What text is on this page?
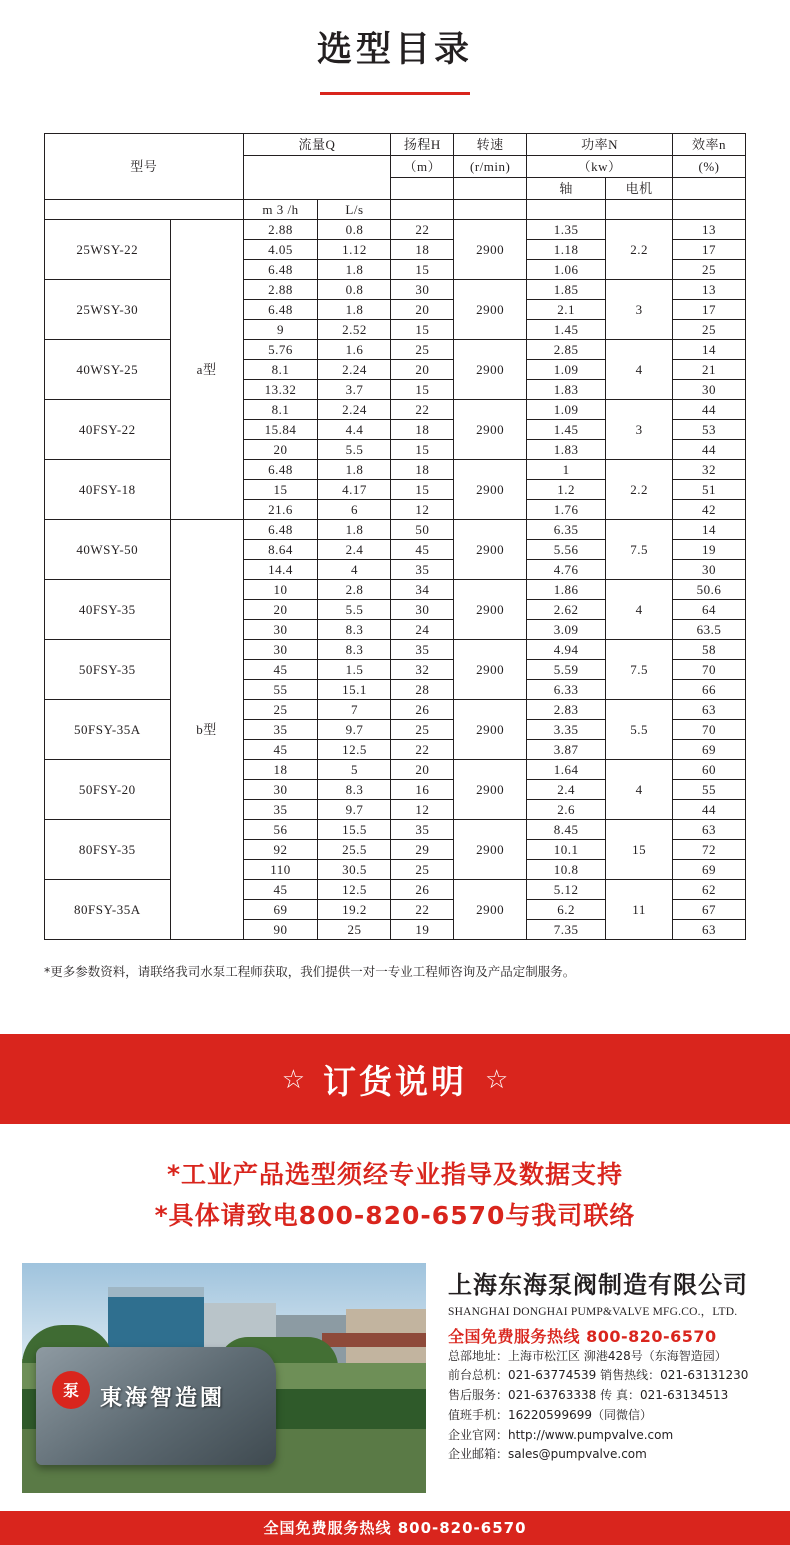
选型目录
型号		流量Q		扬程H	转速	功率N		效率n
				（m）	(r/min)	（kw）		(%)
						轴	电机	
		m 3 /h	L/s					
25WSY-22	a型	2.88	0.8	22	2900	1.35	2.2	13
		4.05	1.12	18		1.18		17
		6.48	1.8	15		1.06		25
25WSY-30		2.88	0.8	30	2900	1.85	3	13
		6.48	1.8	20		2.1		17
		9	2.52	15		1.45		25
40WSY-25		5.76	1.6	25	2900	2.85	4	14
		8.1	2.24	20		1.09		21
		13.32	3.7	15		1.83		30
40FSY-22		8.1	2.24	22	2900	1.09	3	44
		15.84	4.4	18		1.45		53
		20	5.5	15		1.83		44
40FSY-18		6.48	1.8	18	2900	1	2.2	32
		15	4.17	15		1.2		51
		21.6	6	12		1.76		42
40WSY-50	b型	6.48	1.8	50	2900	6.35	7.5	14
		8.64	2.4	45		5.56		19
		14.4	4	35		4.76		30
40FSY-35		10	2.8	34	2900	1.86	4	50.6
		20	5.5	30		2.62		64
		30	8.3	24		3.09		63.5
50FSY-35		30	8.3	35	2900	4.94	7.5	58
		45	1.5	32		5.59		70
		55	15.1	28		6.33		66
50FSY-35A		25	7	26	2900	2.83	5.5	63
		35	9.7	25		3.35		70
		45	12.5	22		3.87		69
50FSY-20		18	5	20	2900	1.64	4	60
		30	8.3	16		2.4		55
		35	9.7	12		2.6		44
80FSY-35		56	15.5	35	2900	8.45	15	63
		92	25.5	29		10.1		72
		110	30.5	25		10.8		69
80FSY-35A		45	12.5	26	2900	5.12	11	62
		69	19.2	22		6.2		67
		90	25	19		7.35		63
*更多参数资料，请联络我司水泵工程师获取，我们提供一对一专业工程师咨询及产品定制服务。
☆ 订货说明 ☆
*工业产品选型须经专业指导及数据支持
*具体请致电800-820-6570与我司联络
泵 東海智造園
上海东海泵阀制造有限公司
SHANGHAI DONGHAI PUMP&VALVE MFG.CO.，LTD.
全国免费服务热线 800-820-6570
总部地址：上海市松江区 泖港428号（东海智造园）
前台总机：021-63774539 销售热线：021-63131230
售后服务：021-63763338 传 真：021-63134513
值班手机：16220599699（同微信）
企业官网：http://www.pumpvalve.com
企业邮箱：sales@pumpvalve.com
全国免费服务热线 800-820-6570
